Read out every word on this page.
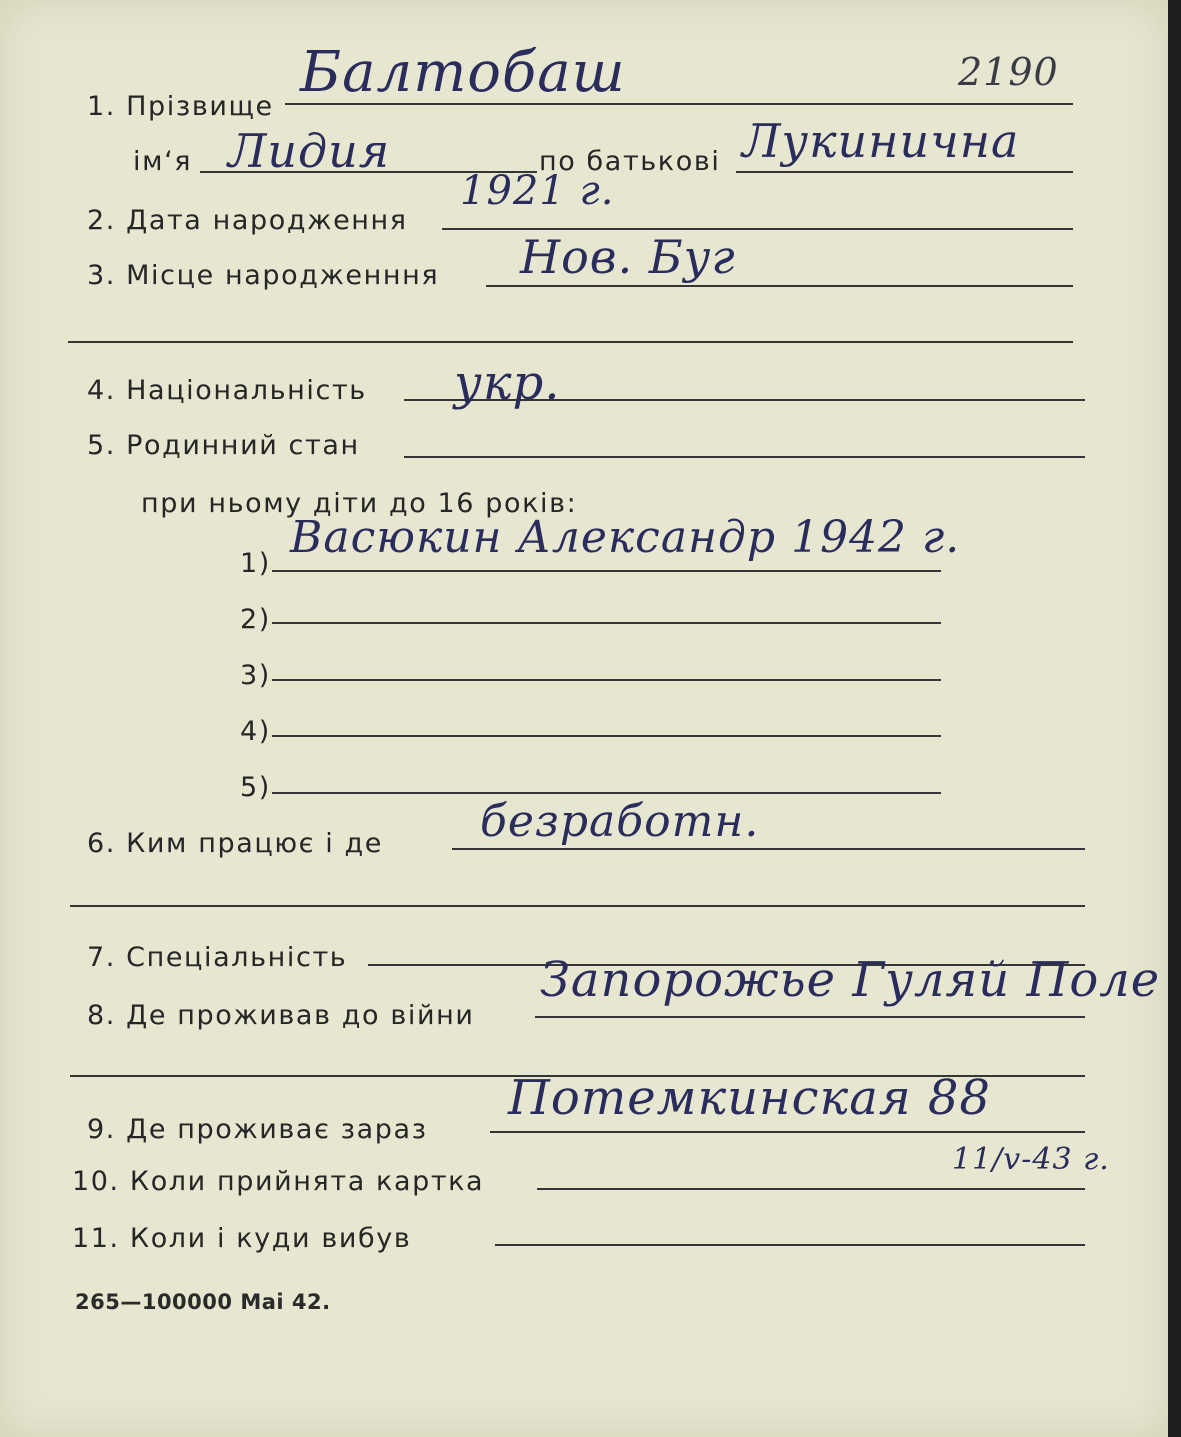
2190
1. Прізвище
Балтобаш
ім‘я Лидия	по батькові Лукинична
2. Дата народження
1921 г.
3. Місце народженння Нов. Буг
4. Національність укр.
5. Родинний стан
при ньому діти до 16 років:
1)
Васюкин Александр 1942 г.
2)
3)
4)
5)
6. Ким працює і де безработн.
7. Спеціальність
8. Де проживав до війни
Запорожье Гуляй Поле
9. Де проживає зараз
Потемкинская 88
10. Коли прийнята картка
11/v-43 г.
11. Коли і куди вибув
265—100000 Mai 42.
